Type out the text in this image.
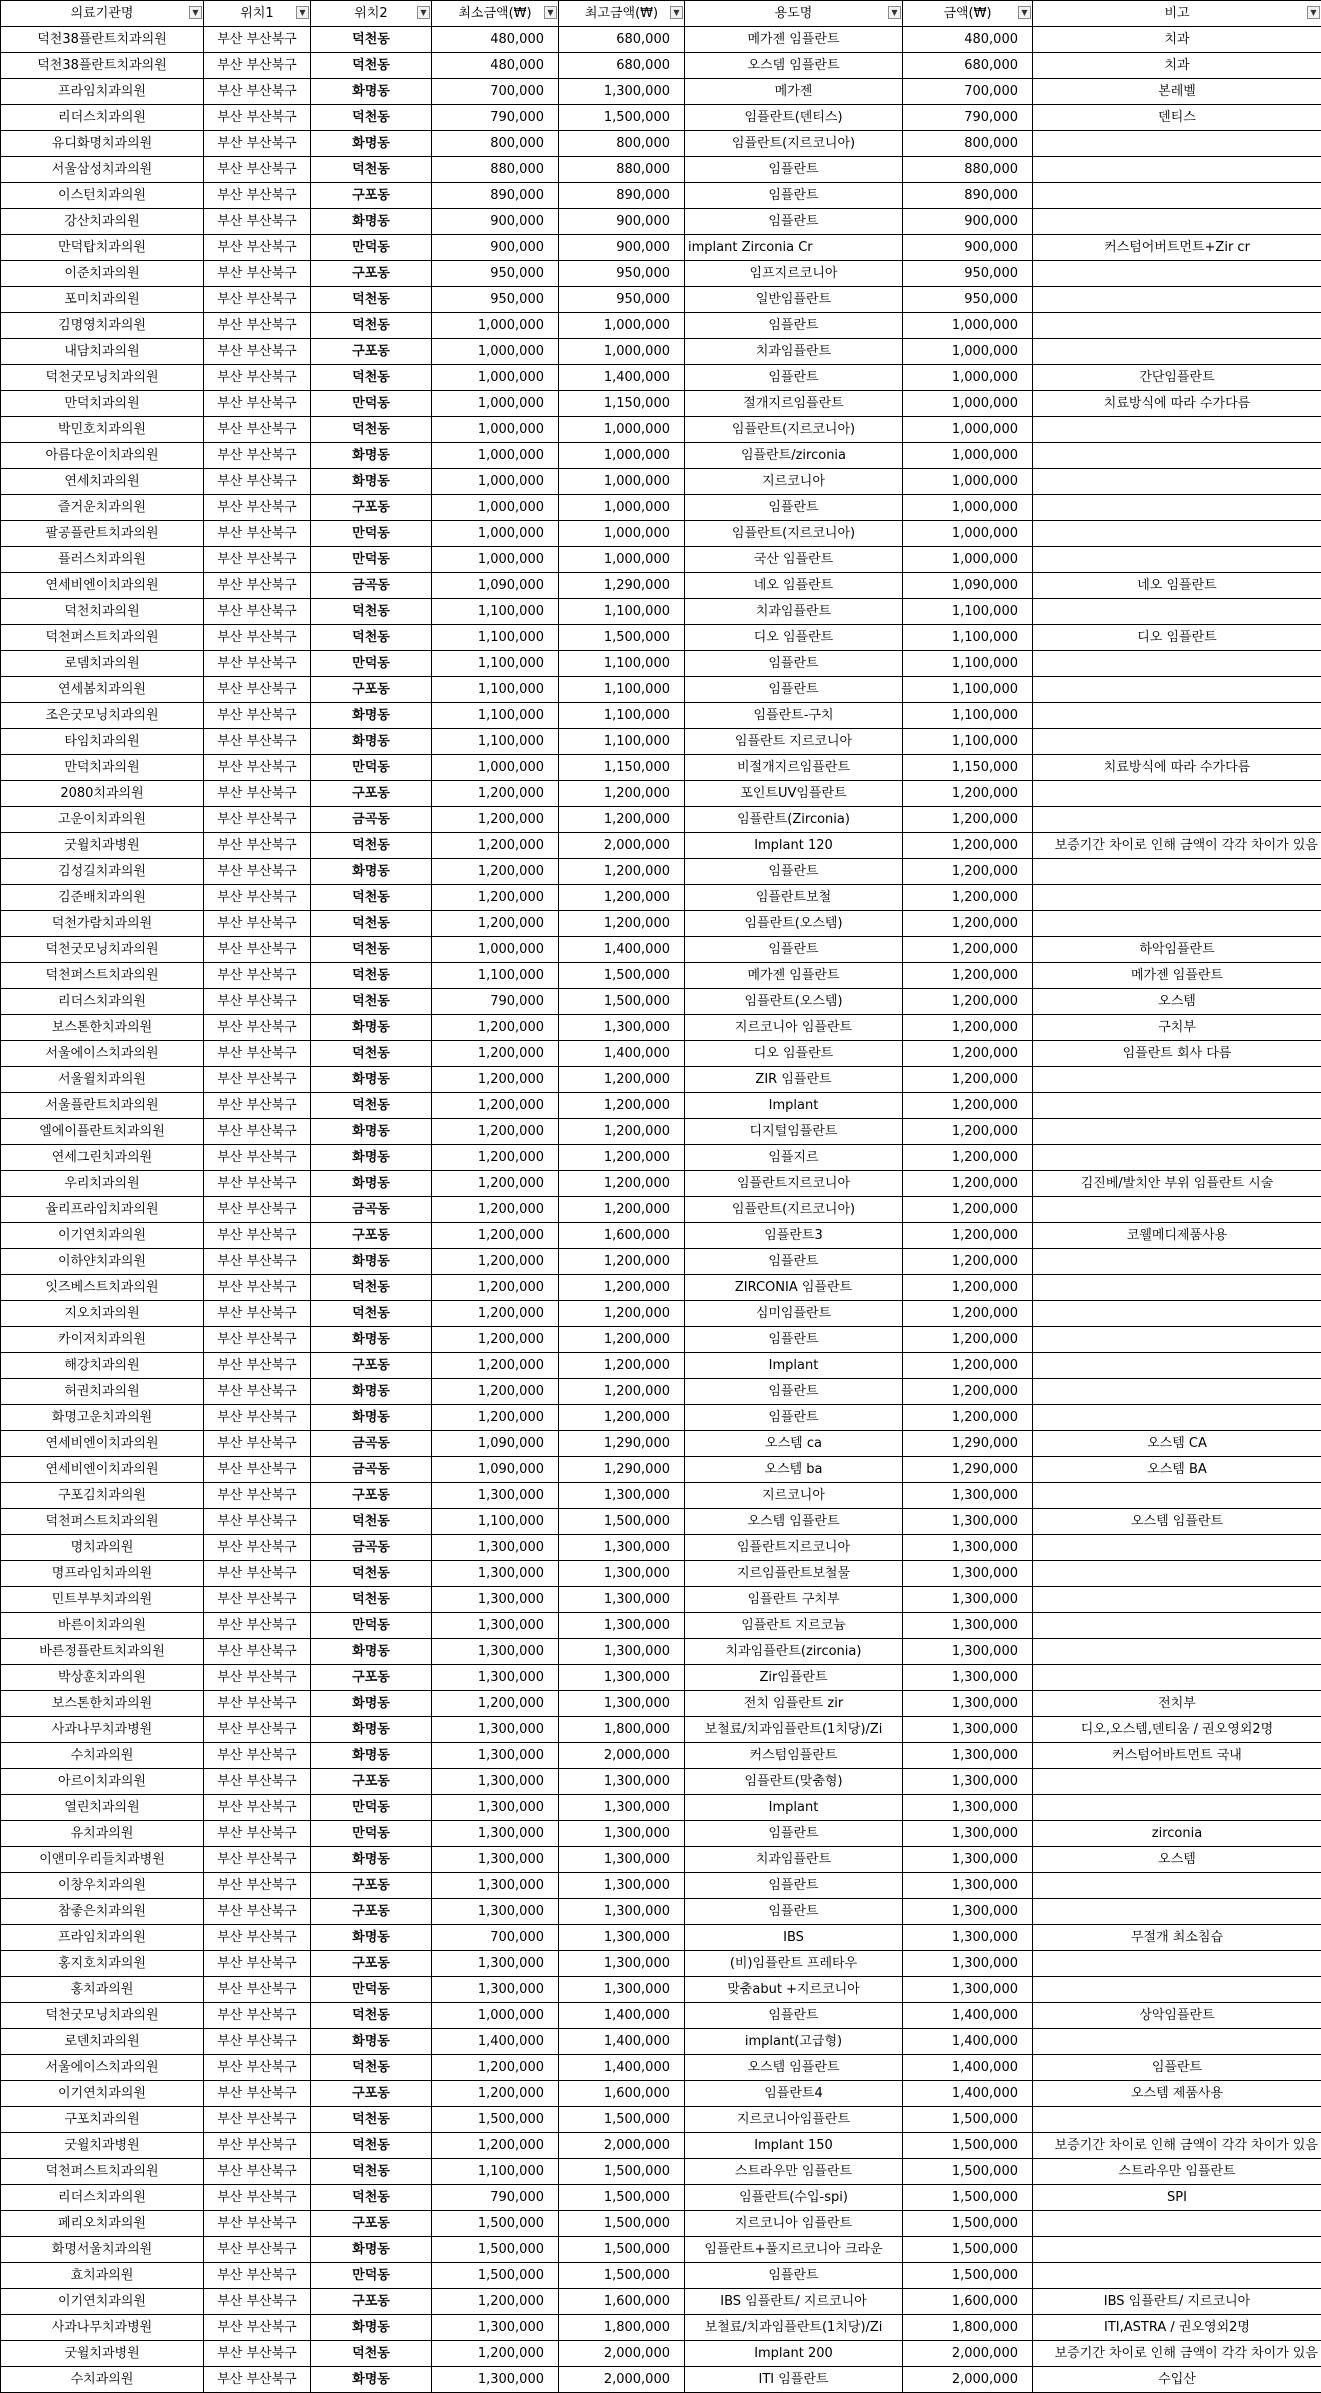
의료기관명 ▼	위치1 ▼	위치2 ▼	최소금액(₩) ▼	최고금액(₩) ▼	용도명 ▼	금액(₩) ▼	비고 ▼

덕천38플란트치과의원	부산 부산북구	덕천동	480,000	680,000	메가젠 임플란트	480,000	치과
덕천38플란트치과의원	부산 부산북구	덕천동	480,000	680,000	오스뎀 임플란트	680,000	치과
프라임치과의원	부산 부산북구	화명동	700,000	1,300,000	메가젠	700,000	본레벨
리더스치과의원	부산 부산북구	덕천동	790,000	1,500,000	임플란트(덴티스)	790,000	덴티스
유디화명치과의원	부산 부산북구	화명동	800,000	800,000	임플란트(지르코니아)	800,000	
서울삼성치과의원	부산 부산북구	덕천동	880,000	880,000	임플란트	880,000	
이스턴치과의원	부산 부산북구	구포동	890,000	890,000	임플란트	890,000	
강산치과의원	부산 부산북구	화명동	900,000	900,000	임플란트	900,000	
만덕탑치과의원	부산 부산북구	만덕동	900,000	900,000	implant Zirconia Cr	900,000	커스텀어버트먼트+Zir cr
이준치과의원	부산 부산북구	구포동	950,000	950,000	임프지르코니아	950,000	
포미치과의원	부산 부산북구	덕천동	950,000	950,000	일반임플란트	950,000	
김명영치과의원	부산 부산북구	덕천동	1,000,000	1,000,000	임플란트	1,000,000	
내담치과의원	부산 부산북구	구포동	1,000,000	1,000,000	치과임플란트	1,000,000	
덕천굿모닝치과의원	부산 부산북구	덕천동	1,000,000	1,400,000	임플란트	1,000,000	간단임플란트
만덕치과의원	부산 부산북구	만덕동	1,000,000	1,150,000	절개지르임플란트	1,000,000	치료방식에 따라 수가다름
박민호치과의원	부산 부산북구	덕천동	1,000,000	1,000,000	임플란트(지르코니아)	1,000,000	
아름다운이치과의원	부산 부산북구	화명동	1,000,000	1,000,000	임플란트/zirconia	1,000,000	
연세치과의원	부산 부산북구	화명동	1,000,000	1,000,000	지르코니아	1,000,000	
즐거운치과의원	부산 부산북구	구포동	1,000,000	1,000,000	임플란트	1,000,000	
팔공플란트치과의원	부산 부산북구	만덕동	1,000,000	1,000,000	임플란트(지르코니아)	1,000,000	
플러스치과의원	부산 부산북구	만덕동	1,000,000	1,000,000	국산 임플란트	1,000,000	
연세비엔이치과의원	부산 부산북구	금곡동	1,090,000	1,290,000	네오 임플란트	1,090,000	네오 임플란트
덕천치과의원	부산 부산북구	덕천동	1,100,000	1,100,000	치과임플란트	1,100,000	
덕천퍼스트치과의원	부산 부산북구	덕천동	1,100,000	1,500,000	디오 임플란트	1,100,000	디오 임플란트
로뎀치과의원	부산 부산북구	만덕동	1,100,000	1,100,000	임플란트	1,100,000	
연세봄치과의원	부산 부산북구	구포동	1,100,000	1,100,000	임플란트	1,100,000	
조은굿모닝치과의원	부산 부산북구	화명동	1,100,000	1,100,000	임플란트-구치	1,100,000	
타임치과의원	부산 부산북구	화명동	1,100,000	1,100,000	임플란트 지르코니아	1,100,000	
만덕치과의원	부산 부산북구	만덕동	1,000,000	1,150,000	비절개지르임플란트	1,150,000	치료방식에 따라 수가다름
2080치과의원	부산 부산북구	구포동	1,200,000	1,200,000	포인트UV임플란트	1,200,000	
고운이치과의원	부산 부산북구	금곡동	1,200,000	1,200,000	임플란트(Zirconia)	1,200,000	
굿윌치과병원	부산 부산북구	덕천동	1,200,000	2,000,000	Implant 120	1,200,000	보증기간 차이로 인해 금액이 각각 차이가 있음
김성길치과의원	부산 부산북구	화명동	1,200,000	1,200,000	임플란트	1,200,000	
김준배치과의원	부산 부산북구	덕천동	1,200,000	1,200,000	임플란트보철	1,200,000	
덕천가람치과의원	부산 부산북구	덕천동	1,200,000	1,200,000	임플란트(오스템)	1,200,000	
덕천굿모닝치과의원	부산 부산북구	덕천동	1,000,000	1,400,000	임플란트	1,200,000	하악임플란트
덕천퍼스트치과의원	부산 부산북구	덕천동	1,100,000	1,500,000	메가젠 임플란트	1,200,000	메가젠 임플란트
리더스치과의원	부산 부산북구	덕천동	790,000	1,500,000	임플란트(오스템)	1,200,000	오스템
보스톤한치과의원	부산 부산북구	화명동	1,200,000	1,300,000	지르코니아 임플란트	1,200,000	구치부
서울에이스치과의원	부산 부산북구	덕천동	1,200,000	1,400,000	디오 임플란트	1,200,000	임플란트 회사 다름
서울윌치과의원	부산 부산북구	화명동	1,200,000	1,200,000	ZIR 임플란트	1,200,000	
서울플란트치과의원	부산 부산북구	덕천동	1,200,000	1,200,000	Implant	1,200,000	
엘에이플란트치과의원	부산 부산북구	화명동	1,200,000	1,200,000	디지털임플란트	1,200,000	
연세그린치과의원	부산 부산북구	화명동	1,200,000	1,200,000	임플지르	1,200,000	
우리치과의원	부산 부산북구	화명동	1,200,000	1,200,000	임플란트지르코니아	1,200,000	김진베/발치안 부위 임플란트 시술
율리프라임치과의원	부산 부산북구	금곡동	1,200,000	1,200,000	임플란트(지르코니아)	1,200,000	
이기연치과의원	부산 부산북구	구포동	1,200,000	1,600,000	임플란트3	1,200,000	코웰메디제품사용
이하얀치과의원	부산 부산북구	화명동	1,200,000	1,200,000	임플란트	1,200,000	
잇즈베스트치과의원	부산 부산북구	덕천동	1,200,000	1,200,000	ZIRCONIA 임플란트	1,200,000	
지오치과의원	부산 부산북구	덕천동	1,200,000	1,200,000	심미임플란트	1,200,000	
카이저치과의원	부산 부산북구	화명동	1,200,000	1,200,000	임플란트	1,200,000	
해강치과의원	부산 부산북구	구포동	1,200,000	1,200,000	Implant	1,200,000	
허권치과의원	부산 부산북구	화명동	1,200,000	1,200,000	임플란트	1,200,000	
화명고운치과의원	부산 부산북구	화명동	1,200,000	1,200,000	임플란트	1,200,000	
연세비엔이치과의원	부산 부산북구	금곡동	1,090,000	1,290,000	오스템 ca	1,290,000	오스템 CA
연세비엔이치과의원	부산 부산북구	금곡동	1,090,000	1,290,000	오스템 ba	1,290,000	오스템 BA
구포김치과의원	부산 부산북구	구포동	1,300,000	1,300,000	지르코니아	1,300,000	
덕천퍼스트치과의원	부산 부산북구	덕천동	1,100,000	1,500,000	오스템 임플란트	1,300,000	오스템 임플란트
명치과의원	부산 부산북구	금곡동	1,300,000	1,300,000	임플란트지르코니아	1,300,000	
명프라임치과의원	부산 부산북구	덕천동	1,300,000	1,300,000	지르임플란트보철물	1,300,000	
민트부부치과의원	부산 부산북구	덕천동	1,300,000	1,300,000	임플란트 구치부	1,300,000	
바른이치과의원	부산 부산북구	만덕동	1,300,000	1,300,000	임플란트 지르코늄	1,300,000	
바른정플란트치과의원	부산 부산북구	화명동	1,300,000	1,300,000	치과임플란트(zirconia)	1,300,000	
박상훈치과의원	부산 부산북구	구포동	1,300,000	1,300,000	Zir임플란트	1,300,000	
보스톤한치과의원	부산 부산북구	화명동	1,200,000	1,300,000	전치 임플란트 zir	1,300,000	전치부
사과나무치과병원	부산 부산북구	화명동	1,300,000	1,800,000	보철료/치과임플란트(1치당)/Zi	1,300,000	디오,오스템,덴티움 / 권오영외2명
수치과의원	부산 부산북구	화명동	1,300,000	2,000,000	커스텀임플란트	1,300,000	커스텀어바트먼트 국내
아르이치과의원	부산 부산북구	구포동	1,300,000	1,300,000	임플란트(맞춤형)	1,300,000	
열린치과의원	부산 부산북구	만덕동	1,300,000	1,300,000	Implant	1,300,000	
유치과의원	부산 부산북구	만덕동	1,300,000	1,300,000	임플란트	1,300,000	zirconia
이앤미우리들치과병원	부산 부산북구	화명동	1,300,000	1,300,000	치과임플란트	1,300,000	오스템
이창우치과의원	부산 부산북구	구포동	1,300,000	1,300,000	임플란트	1,300,000	
참좋은치과의원	부산 부산북구	구포동	1,300,000	1,300,000	임플란트	1,300,000	
프라임치과의원	부산 부산북구	화명동	700,000	1,300,000	IBS	1,300,000	무절개 최소침습
홍지호치과의원	부산 부산북구	구포동	1,300,000	1,300,000	(비)임플란트 프레타우	1,300,000	
홍치과의원	부산 부산북구	만덕동	1,300,000	1,300,000	맞춤abut +지르코니아	1,300,000	
덕천굿모닝치과의원	부산 부산북구	덕천동	1,000,000	1,400,000	임플란트	1,400,000	상악임플란트
로덴치과의원	부산 부산북구	화명동	1,400,000	1,400,000	implant(고급형)	1,400,000	
서울에이스치과의원	부산 부산북구	덕천동	1,200,000	1,400,000	오스템 임플란트	1,400,000	임플란트
이기연치과의원	부산 부산북구	구포동	1,200,000	1,600,000	임플란트4	1,400,000	오스템 제품사용
구포치과의원	부산 부산북구	덕천동	1,500,000	1,500,000	지르코니아임플란트	1,500,000	
굿윌치과병원	부산 부산북구	덕천동	1,200,000	2,000,000	Implant 150	1,500,000	보증기간 차이로 인해 금액이 각각 차이가 있음
덕천퍼스트치과의원	부산 부산북구	덕천동	1,100,000	1,500,000	스트라우만 임플란트	1,500,000	스트라우만 임플란트
리더스치과의원	부산 부산북구	덕천동	790,000	1,500,000	임플란트(수입-spi)	1,500,000	SPI
페리오치과의원	부산 부산북구	구포동	1,500,000	1,500,000	지르코니아 임플란트	1,500,000	
화명서울치과의원	부산 부산북구	화명동	1,500,000	1,500,000	임플란트+풀지르코니아 크라운	1,500,000	
효치과의원	부산 부산북구	만덕동	1,500,000	1,500,000	임플란트	1,500,000	
이기연치과의원	부산 부산북구	구포동	1,200,000	1,600,000	IBS 임플란트/ 지르코니아	1,600,000	IBS 임플란트/ 지르코니아
사과나무치과병원	부산 부산북구	화명동	1,300,000	1,800,000	보철료/치과임플란트(1치당)/Zi	1,800,000	ITI,ASTRA / 권오영외2명
굿윌치과병원	부산 부산북구	덕천동	1,200,000	2,000,000	Implant 200	2,000,000	보증기간 차이로 인해 금액이 각각 차이가 있음
수치과의원	부산 부산북구	화명동	1,300,000	2,000,000	ITI 임플란트	2,000,000	수입산
